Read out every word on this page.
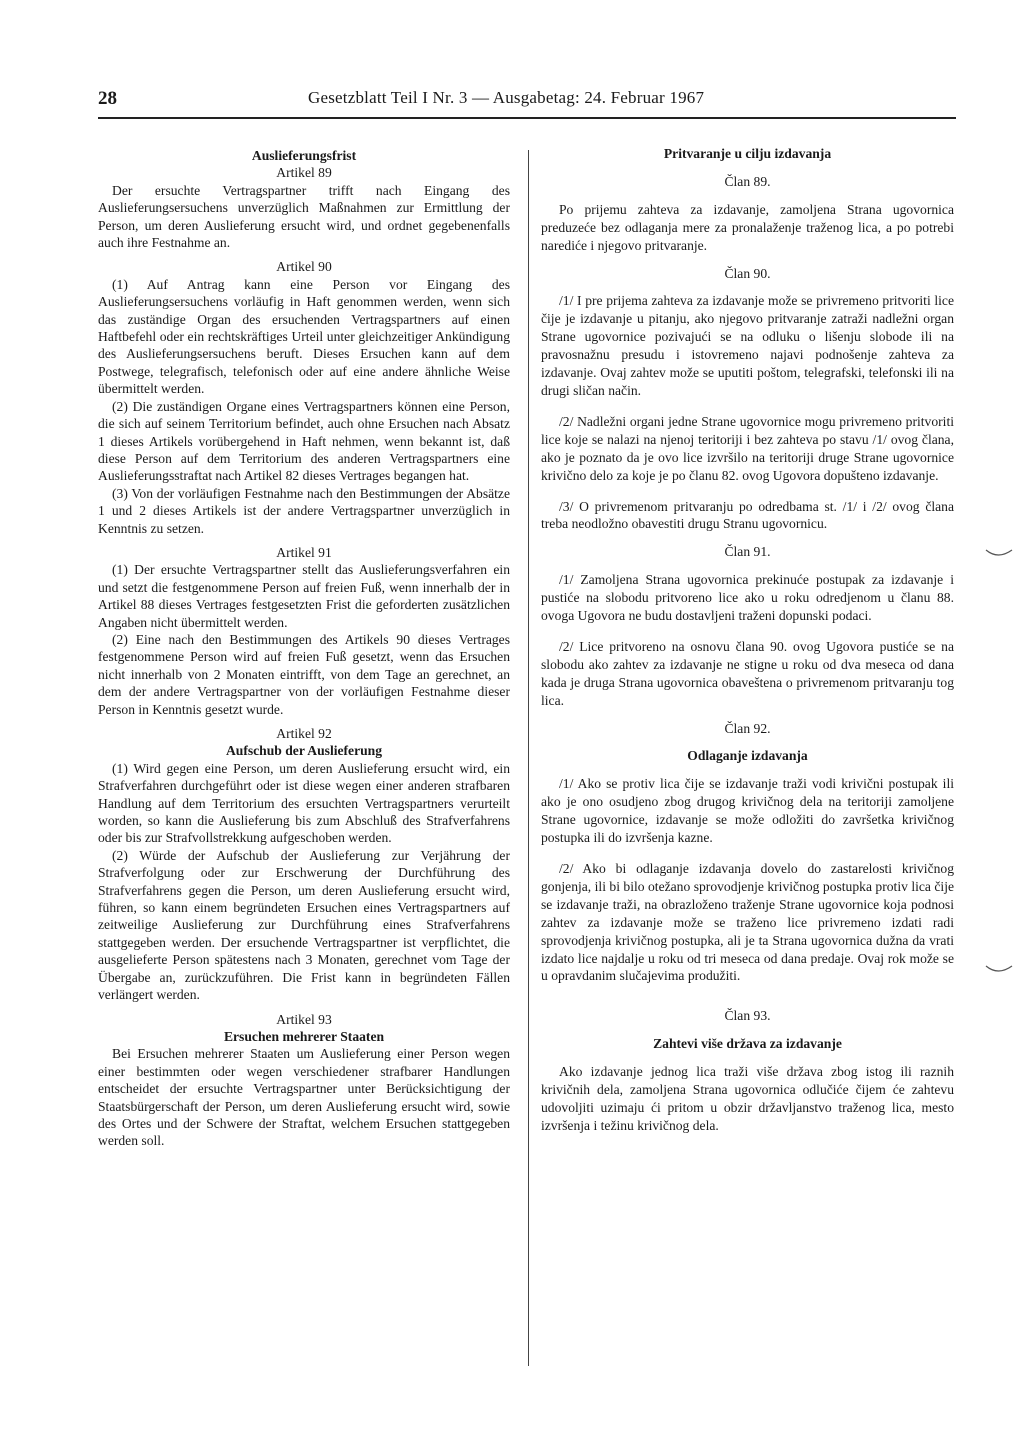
28	Gesetzblatt Teil I Nr. 3 — Ausgabetag: 24. Februar 1967
Auslieferungsfrist
Artikel 89

Der ersuchte Vertragspartner trifft nach Eingang des Auslieferungsersuchens unverzüglich Maßnahmen zur Ermittlung der Person, um deren Auslieferung ersucht wird, und ordnet gegebenenfalls auch ihre Festnahme an.

Artikel 90

(1) Auf Antrag kann eine Person vor Eingang des Auslieferungsersuchens vorläufig in Haft genommen werden, wenn sich das zuständige Organ des ersuchenden Vertragspartners auf einen Haftbefehl oder ein rechtskräftiges Urteil unter gleichzeitiger Ankündigung des Auslieferungsersuchens beruft. Dieses Ersuchen kann auf dem Postwege, telegrafisch, telefonisch oder auf eine andere ähnliche Weise übermittelt werden.

(2) Die zuständigen Organe eines Vertragspartners können eine Person, die sich auf seinem Territorium befindet, auch ohne Ersuchen nach Absatz 1 dieses Artikels vorübergehend in Haft nehmen, wenn bekannt ist, daß diese Person auf dem Territorium des anderen Vertragspartners eine Auslieferungsstraftat nach Artikel 82 dieses Vertrages begangen hat.

(3) Von der vorläufigen Festnahme nach den Bestimmungen der Absätze 1 und 2 dieses Artikels ist der andere Vertragspartner unverzüglich in Kenntnis zu setzen.

Artikel 91

(1) Der ersuchte Vertragspartner stellt das Auslieferungsverfahren ein und setzt die festgenommene Person auf freien Fuß, wenn innerhalb der in Artikel 88 dieses Vertrages festgesetzten Frist die geforderten zusätzlichen Angaben nicht übermittelt werden.

(2) Eine nach den Bestimmungen des Artikels 90 dieses Vertrages festgenommene Person wird auf freien Fuß gesetzt, wenn das Ersuchen nicht innerhalb von 2 Monaten eintrifft, von dem Tage an gerechnet, an dem der andere Vertragspartner von der vorläufigen Festnahme dieser Person in Kenntnis gesetzt wurde.

Artikel 92
Aufschub der Auslieferung

(1) Wird gegen eine Person, um deren Auslieferung ersucht wird, ein Strafverfahren durchgeführt oder ist diese wegen einer anderen strafbaren Handlung auf dem Territorium des ersuchten Vertragspartners verurteilt worden, so kann die Auslieferung bis zum Abschluß des Strafverfahrens oder bis zur Strafvollstrekkung aufgeschoben werden.

(2) Würde der Aufschub der Auslieferung zur Verjährung der Strafverfolgung oder zur Erschwerung der Durchführung des Strafverfahrens gegen die Person, um deren Auslieferung ersucht wird, führen, so kann einem begründeten Ersuchen eines Vertragspartners auf zeitweilige Auslieferung zur Durchführung eines Strafverfahrens stattgegeben werden. Der ersuchende Vertragspartner ist verpflichtet, die ausgelieferte Person spätestens nach 3 Monaten, gerechnet vom Tage der Übergabe an, zurückzuführen. Die Frist kann in begründeten Fällen verlängert werden.

Artikel 93
Ersuchen mehrerer Staaten

Bei Ersuchen mehrerer Staaten um Auslieferung einer Person wegen einer bestimmten oder wegen verschiedener strafbarer Handlungen entscheidet der ersuchte Vertragspartner unter Berücksichtigung der Staatsbürgerschaft der Person, um deren Auslieferung ersucht wird, sowie des Ortes und der Schwere der Straftat, welchem Ersuchen stattgegeben werden soll.

Pritvaranje u cilju izdavanja
Član 89.

Po prijemu zahteva za izdavanje, zamoljena Strana ugovornica preduzeće bez odlaganja mere za pronalaženje traženog lica, a po potrebi narediće i njegovo pritvaranje.

Član 90.

/1/ I pre prijema zahteva za izdavanje može se privremeno pritvoriti lice čije je izdavanje u pitanju, ako njegovo pritvaranje zatraži nadležni organ Strane ugovornice pozivajući se na odluku o lišenju slobode ili na pravosnažnu presudu i istovremeno najavi podnošenje zahteva za izdavanje. Ovaj zahtev može se uputiti poštom, telegrafski, telefonski ili na drugi sličan način.

/2/ Nadležni organi jedne Strane ugovornice mogu privremeno pritvoriti lice koje se nalazi na njenoj teritoriji i bez zahteva po stavu /1/ ovog člana, ako je poznato da je ovo lice izvršilo na teritoriji druge Strane ugovornice krivično delo za koje je po članu 82. ovog Ugovora dopušteno izdavanje.

/3/ O privremenom pritvaranju po odredbama st. /1/ i /2/ ovog člana treba neodložno obavestiti drugu Stranu ugovornicu.

Član 91.

/1/ Zamoljena Strana ugovornica prekinuće postupak za izdavanje i pustiće na slobodu pritvoreno lice ako u roku odredjenom u članu 88. ovoga Ugovora ne budu dostavljeni traženi dopunski podaci.

/2/ Lice pritvoreno na osnovu člana 90. ovog Ugovora pustiće se na slobodu ako zahtev za izdavanje ne stigne u roku od dva meseca od dana kada je druga Strana ugovornica obaveštena o privremenom pritvaranju tog lica.

Član 92.
Odlaganje izdavanja

/1/ Ako se protiv lica čije se izdavanje traži vodi krivični postupak ili ako je ono osudjeno zbog drugog krivičnog dela na teritoriji zamoljene Strane ugovornice, izdavanje se može odložiti do završetka krivičnog postupka ili do izvršenja kazne.

/2/ Ako bi odlaganje izdavanja dovelo do zastarelosti krivičnog gonjenja, ili bi bilo otežano sprovodjenje krivičnog postupka protiv lica čije se izdavanje traži, na obrazloženo traženje Strane ugovornice koja podnosi zahtev za izdavanje može se traženo lice privremeno izdati radi sprovodjenja krivičnog postupka, ali je ta Strana ugovornica dužna da vrati izdato lice najdalje u roku od tri meseca od dana predaje. Ovaj rok može se u opravdanim slučajevima produžiti.

Član 93.
Zahtevi više država za izdavanje

Ako izdavanje jednog lica traži više država zbog istog ili raznih krivičnih dela, zamoljena Strana ugovornica odlučiće čijem će zahtevu udovoljiti uzimaju ći pritom u obzir državljanstvo traženog lica, mesto izvršenja i težinu krivičnog dela.
